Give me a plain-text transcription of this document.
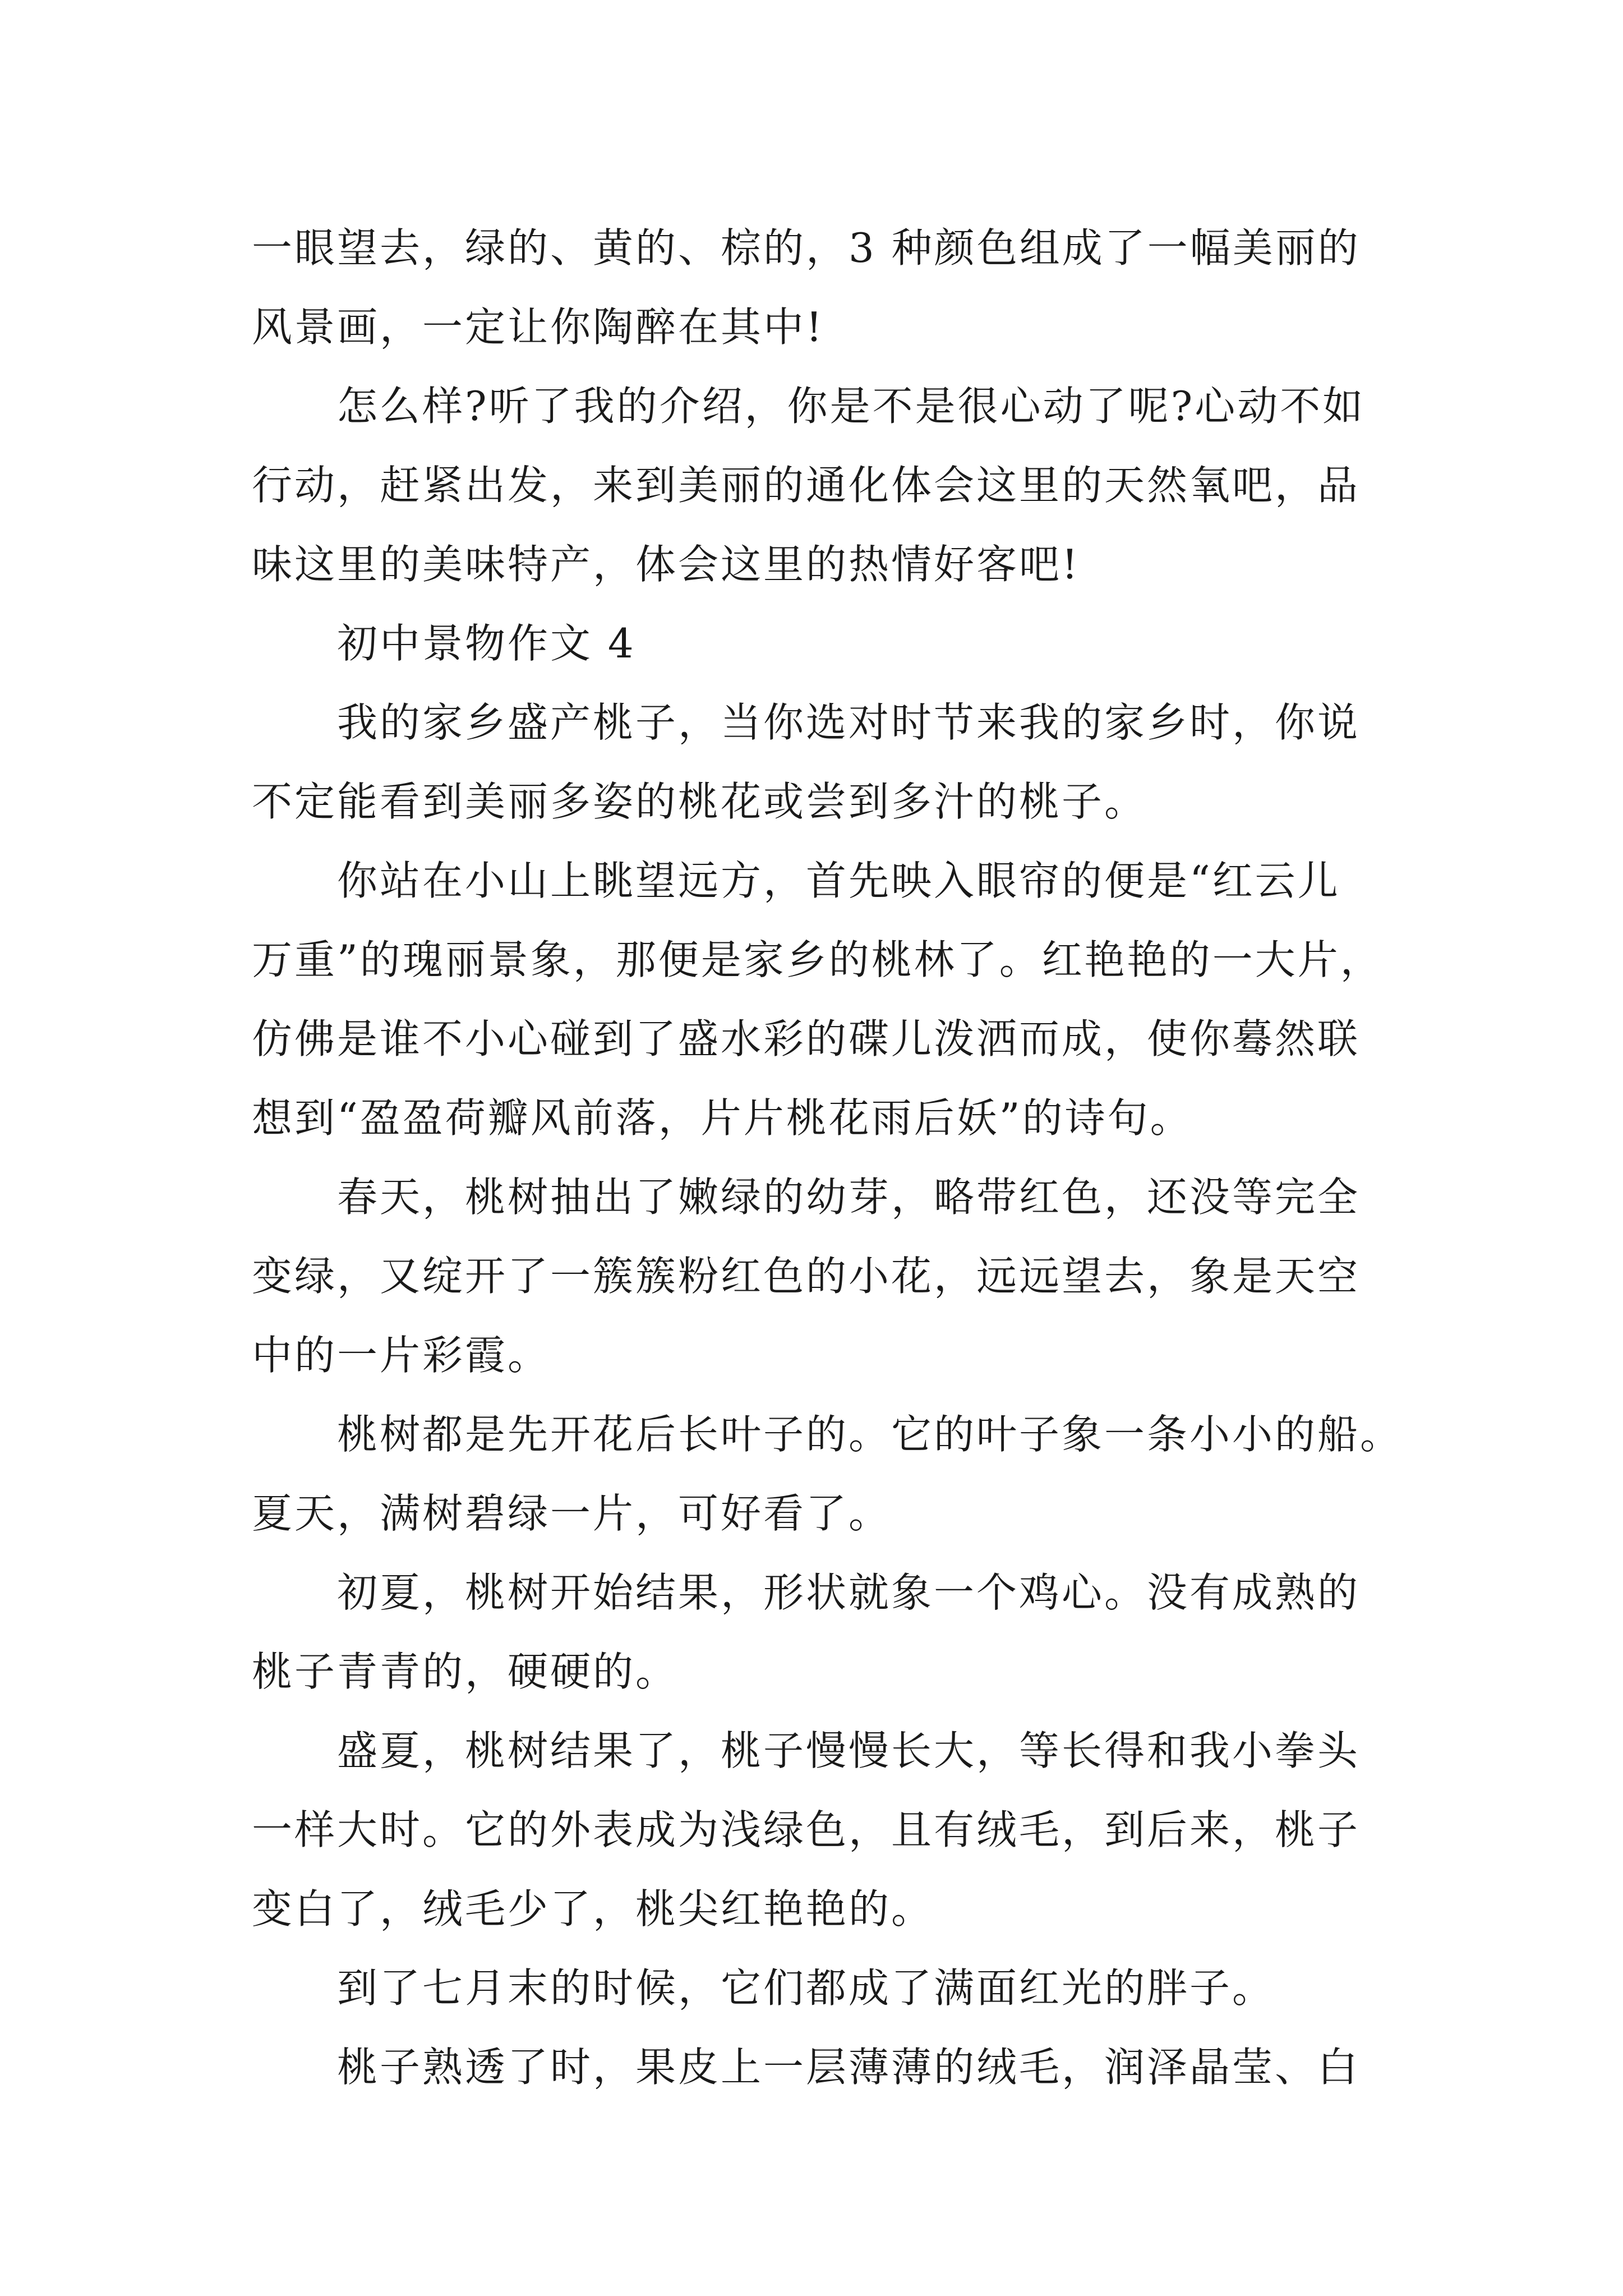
一眼望去，绿的、黄的、棕的，3 种颜色组成了一幅美丽的
风景画，一定让你陶醉在其中!
怎么样?听了我的介绍，你是不是很心动了呢?心动不如
行动，赶紧出发，来到美丽的通化体会这里的天然氧吧，品
味这里的美味特产，体会这里的热情好客吧!
初中景物作文 4
我的家乡盛产桃子，当你选对时节来我的家乡时，你说
不定能看到美丽多姿的桃花或尝到多汁的桃子。
你站在小山上眺望远方，首先映入眼帘的便是“红云儿
万重”的瑰丽景象，那便是家乡的桃林了。红艳艳的一大片，
仿佛是谁不小心碰到了盛水彩的碟儿泼洒而成，使你蓦然联
想到“盈盈荷瓣风前落，片片桃花雨后妖”的诗句。
春天，桃树抽出了嫩绿的幼芽，略带红色，还没等完全
变绿，又绽开了一簇簇粉红色的小花，远远望去，象是天空
中的一片彩霞。
桃树都是先开花后长叶子的。它的叶子象一条小小的船。
夏天，满树碧绿一片，可好看了。
初夏，桃树开始结果，形状就象一个鸡心。没有成熟的
桃子青青的，硬硬的。
盛夏，桃树结果了，桃子慢慢长大，等长得和我小拳头
一样大时。它的外表成为浅绿色，且有绒毛，到后来，桃子
变白了，绒毛少了，桃尖红艳艳的。
到了七月末的时候，它们都成了满面红光的胖子。
桃子熟透了时，果皮上一层薄薄的绒毛，润泽晶莹、白
